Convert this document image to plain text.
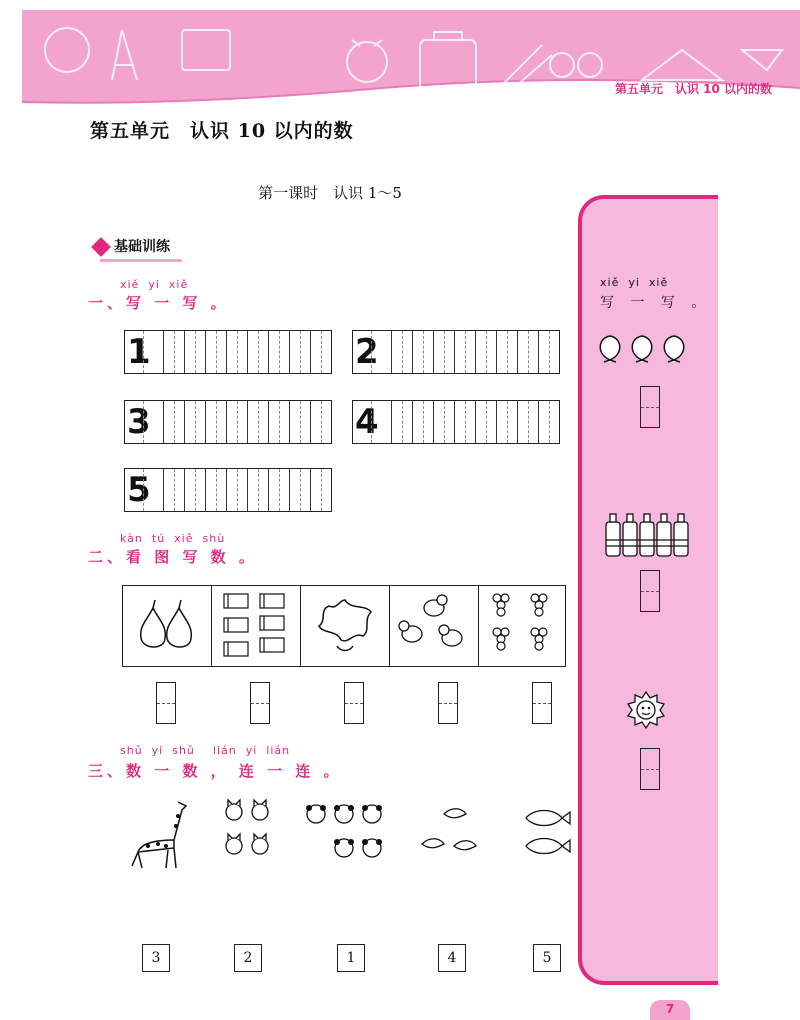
第五单元　认识 10 以内的数
第五单元　认识 10 以内的数
第一课时　认识 1～5
基础训练
xiě  yi  xiě
一、写 一 写 。
1	2
3	4
5
kàn  tú  xiě  shù
二、看 图 写 数 。
shǔ  yi  shǔ    lián  yi  lián
三、数 一 数 ， 连 一 连 。
3	2	1	4	5
xiě  yi  xiě
写 一 写 。
7
